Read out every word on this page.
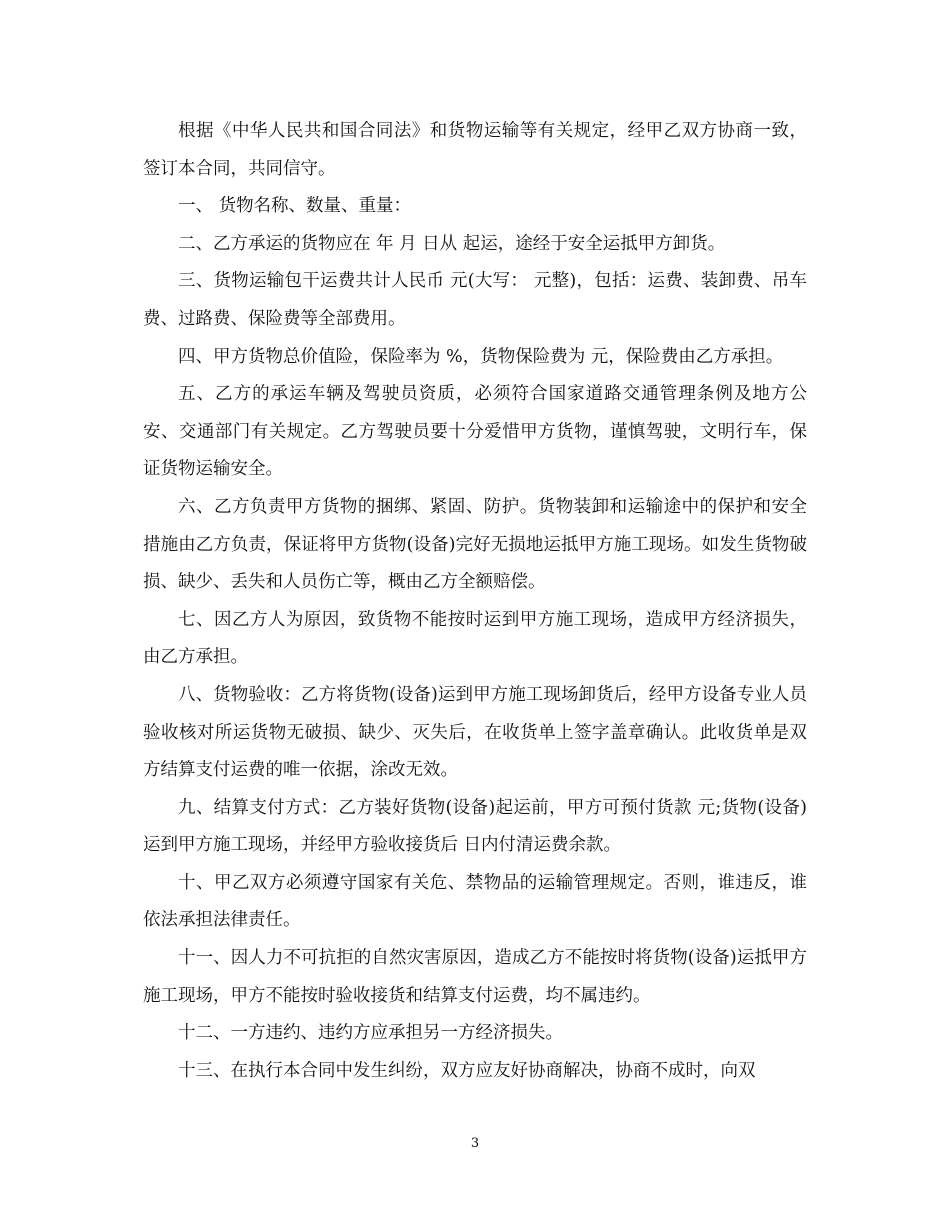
根据《中华人民共和国合同法》和货物运输等有关规定，经甲乙双方协商一致，签订本合同，共同信守。

一、 货物名称、数量、重量：

二、乙方承运的货物应在 年 月 日从 起运，途经于安全运抵甲方卸货。

三、货物运输包干运费共计人民币 元(大写： 元整)，包括：运费、装卸费、吊车费、过路费、保险费等全部费用。

四、甲方货物总价值险，保险率为 %，货物保险费为 元，保险费由乙方承担。

五、乙方的承运车辆及驾驶员资质，必须符合国家道路交通管理条例及地方公安、交通部门有关规定。乙方驾驶员要十分爱惜甲方货物，谨慎驾驶，文明行车，保证货物运输安全。

六、乙方负责甲方货物的捆绑、紧固、防护。货物装卸和运输途中的保护和安全措施由乙方负责，保证将甲方货物(设备)完好无损地运抵甲方施工现场。如发生货物破损、缺少、丢失和人员伤亡等，概由乙方全额赔偿。

七、因乙方人为原因，致货物不能按时运到甲方施工现场，造成甲方经济损失，由乙方承担。

八、货物验收：乙方将货物(设备)运到甲方施工现场卸货后，经甲方设备专业人员验收核对所运货物无破损、缺少、灭失后，在收货单上签字盖章确认。此收货单是双方结算支付运费的唯一依据，涂改无效。

九、结算支付方式：乙方装好货物(设备)起运前，甲方可预付货款 元;货物(设备)运到甲方施工现场，并经甲方验收接货后 日内付清运费余款。

十、甲乙双方必须遵守国家有关危、禁物品的运输管理规定。否则，谁违反，谁依法承担法律责任。

十一、因人力不可抗拒的自然灾害原因，造成乙方不能按时将货物(设备)运抵甲方施工现场，甲方不能按时验收接货和结算支付运费，均不属违约。

十二、一方违约、违约方应承担另一方经济损失。

十三、在执行本合同中发生纠纷，双方应友好协商解决，协商不成时，向双

3
